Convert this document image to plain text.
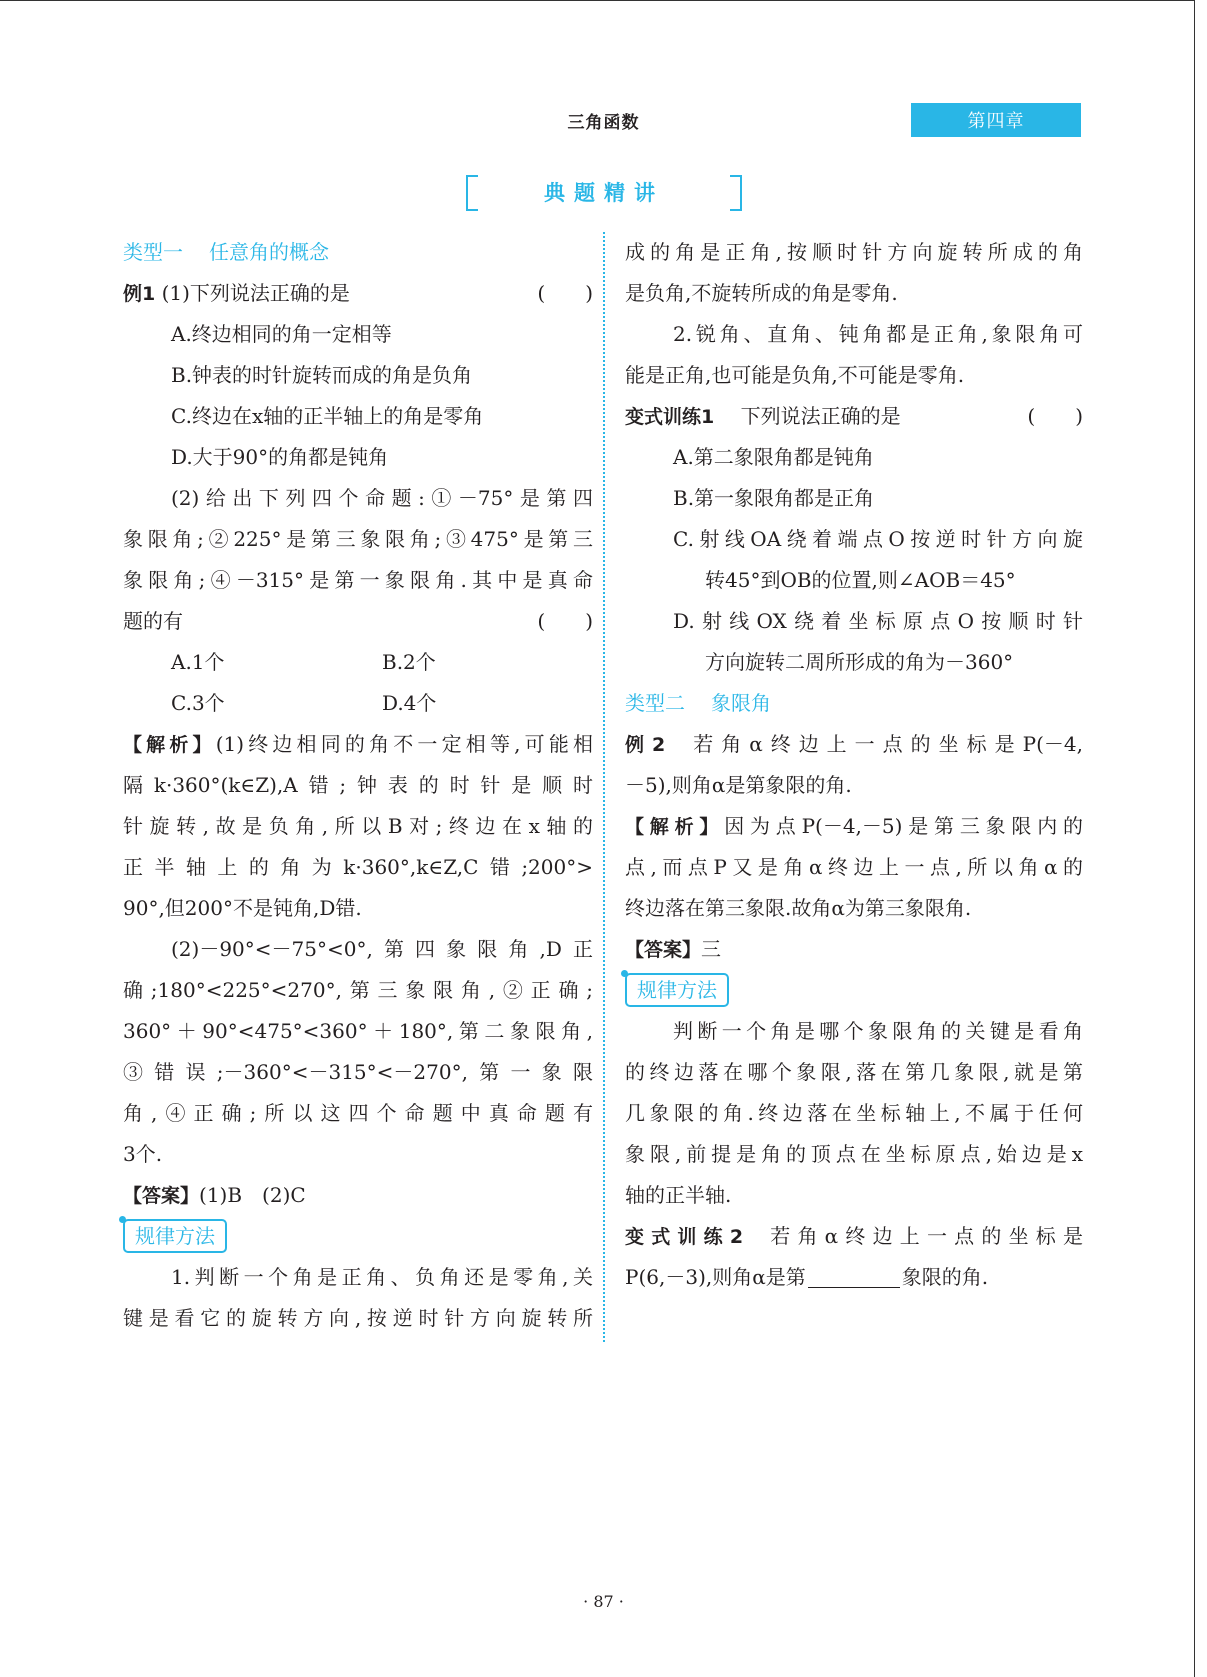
三角函数	第四章
典题精讲
类型一 任意角的概念
例1 (1)下列说法正确的是	(　　)
A.终边相同的角一定相等
B.钟表的时针旋转而成的角是负角
C.终边在x轴的正半轴上的角是零角
D.大于90°的角都是钝角
(2)给出下列四个命题:①－75°是第四
象限角;②225°是第三象限角;③475°是第三
象限角;④－315°是第一象限角.其中是真命
题的有	(　　)
A.1个	B.2个
C.3个	D.4个
【解析】(1)终边相同的角不一定相等,可能相
隔k·360°(k∈Z),A错;钟表的时针是顺时
针旋转,故是负角,所以B对;终边在x轴的
正半轴上的角为k·360°,k∈Z,C错;200°>
90°,但200°不是钝角,D错.
(2)－90°<－75°<0°,第四象限角,D正
确;180°<225°<270°,第三象限角,②正确;
360°＋90°<475°<360°＋180°,第二象限角,
③错误;－360°<－315°<－270°,第一象限
角,④正确;所以这四个命题中真命题有
3个.
【答案】(1)B　(2)C
规律方法
1.判断一个角是正角、负角还是零角,关
键是看它的旋转方向,按逆时针方向旋转所
成的角是正角,按顺时针方向旋转所成的角
是负角,不旋转所成的角是零角.
2.锐角、直角、钝角都是正角,象限角可
能是正角,也可能是负角,不可能是零角.
变式训练1 下列说法正确的是	(　　)
A.第二象限角都是钝角
B.第一象限角都是正角
C.射线OA绕着端点O按逆时针方向旋
转45°到OB的位置,则∠AOB＝45°
D.射线OX绕着坐标原点O按顺时针
方向旋转二周所形成的角为－360°
类型二 象限角
例2 若角α终边上一点的坐标是P(－4,
－5),则角α是第象限的角.
【解析】因为点P(－4,－5)是第三象限内的
点,而点P又是角α终边上一点,所以角α的
终边落在第三象限.故角α为第三象限角.
【答案】三
规律方法
判断一个角是哪个象限角的关键是看角
的终边落在哪个象限,落在第几象限,就是第
几象限的角.终边落在坐标轴上,不属于任何
象限,前提是角的顶点在坐标原点,始边是x
轴的正半轴.
变式训练2 若角α终边上一点的坐标是
P(6,－3),则角α是第	象限的角.
· 87 ·
